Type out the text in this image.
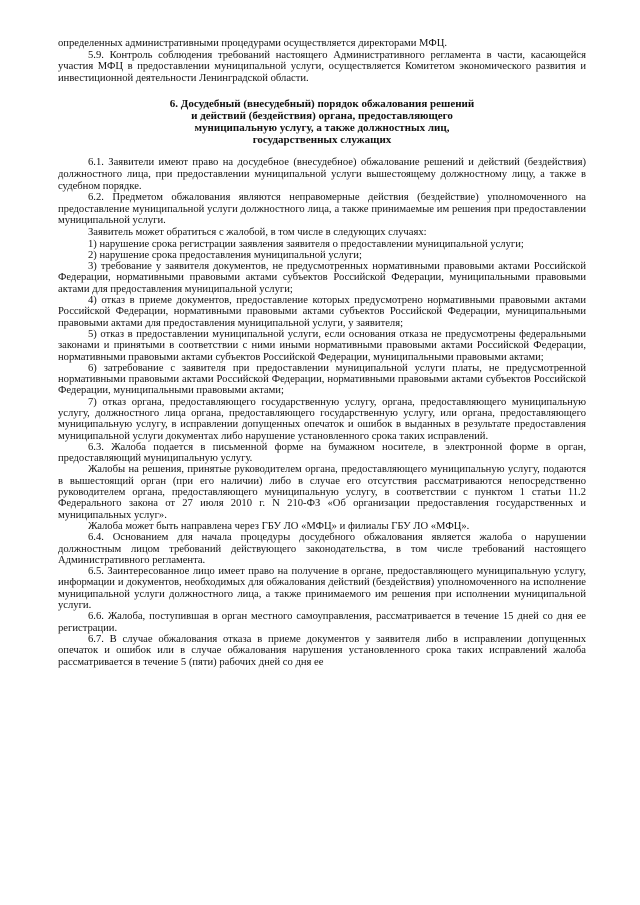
определенных административными процедурами осуществляется директорами МФЦ.

5.9. Контроль соблюдения требований настоящего Административного регламента в части, касающейся участия МФЦ в предоставлении муниципальной услуги, осуществляется Комитетом экономического развития и инвестиционной деятельности Ленинградской области.

6. Досудебный (внесудебный) порядок обжалования решений
и действий (бездействия) органа, предоставляющего
муниципальную услугу, а также должностных лиц,
государственных служащих

6.1. Заявители имеют право на досудебное (внесудебное) обжалование решений и действий (бездействия) должностного лица, при предоставлении муниципальной услуги вышестоящему должностному лицу, а также в судебном порядке.

6.2. Предметом обжалования являются неправомерные действия (бездействие) уполномоченного на предоставление муниципальной услуги должностного лица, а также принимаемые им решения при предоставлении муниципальной услуги.

Заявитель может обратиться с жалобой, в том числе в следующих случаях:

1) нарушение срока регистрации заявления заявителя о предоставлении муниципальной услуги;

2) нарушение срока предоставления муниципальной услуги;

3) требование у заявителя документов, не предусмотренных нормативными правовыми актами Российской Федерации, нормативными правовыми актами субъектов Российской Федерации, муниципальными правовыми актами для предоставления муниципальной услуги;

4) отказ в приеме документов, предоставление которых предусмотрено нормативными правовыми актами Российской Федерации, нормативными правовыми актами субъектов Российской Федерации, муниципальными правовыми актами для предоставления муниципальной услуги, у заявителя;

5) отказ в предоставлении муниципальной услуги, если основания отказа не предусмотрены федеральными законами и принятыми в соответствии с ними иными нормативными правовыми актами Российской Федерации, нормативными правовыми актами субъектов Российской Федерации, муниципальными правовыми актами;

6) затребование с заявителя при предоставлении муниципальной услуги платы, не предусмотренной нормативными правовыми актами Российской Федерации, нормативными правовыми актами субъектов Российской Федерации, муниципальными правовыми актами;

7) отказ органа, предоставляющего государственную услугу, органа, предоставляющего муниципальную услугу, должностного лица органа, предоставляющего государственную услугу, или органа, предоставляющего муниципальную услугу, в исправлении допущенных опечаток и ошибок в выданных в результате предоставления муниципальной услуги документах либо нарушение установленного срока таких исправлений.

6.3. Жалоба подается в письменной форме на бумажном носителе, в электронной форме в орган, предоставляющий муниципальную услугу.

Жалобы на решения, принятые руководителем органа, предоставляющего муниципальную услугу, подаются в вышестоящий орган (при его наличии) либо в случае его отсутствия рассматриваются непосредственно руководителем органа, предоставляющего муниципальную услугу, в соответствии с пунктом 1 статьи 11.2 Федерального закона от 27 июля 2010 г. N 210-ФЗ «Об организации предоставления государственных и муниципальных услуг».

Жалоба может быть направлена через ГБУ ЛО «МФЦ» и филиалы ГБУ ЛО «МФЦ».

6.4. Основанием для начала процедуры досудебного обжалования является жалоба о нарушении должностным лицом требований действующего законодательства, в том числе требований настоящего Административного регламента.

6.5. Заинтересованное лицо имеет право на получение в органе, предоставляющего муниципальную услугу, информации и документов, необходимых для обжалования действий (бездействия) уполномоченного на исполнение муниципальной услуги должностного лица, а также принимаемого им решения при исполнении муниципальной услуги.

6.6. Жалоба, поступившая в орган местного самоуправления, рассматривается в течение 15 дней со дня ее регистрации.

6.7. В случае обжалования отказа в приеме документов у заявителя либо в исправлении допущенных опечаток и ошибок или в случае обжалования нарушения установленного срока таких исправлений жалоба рассматривается в течение 5 (пяти) рабочих дней со дня ее
